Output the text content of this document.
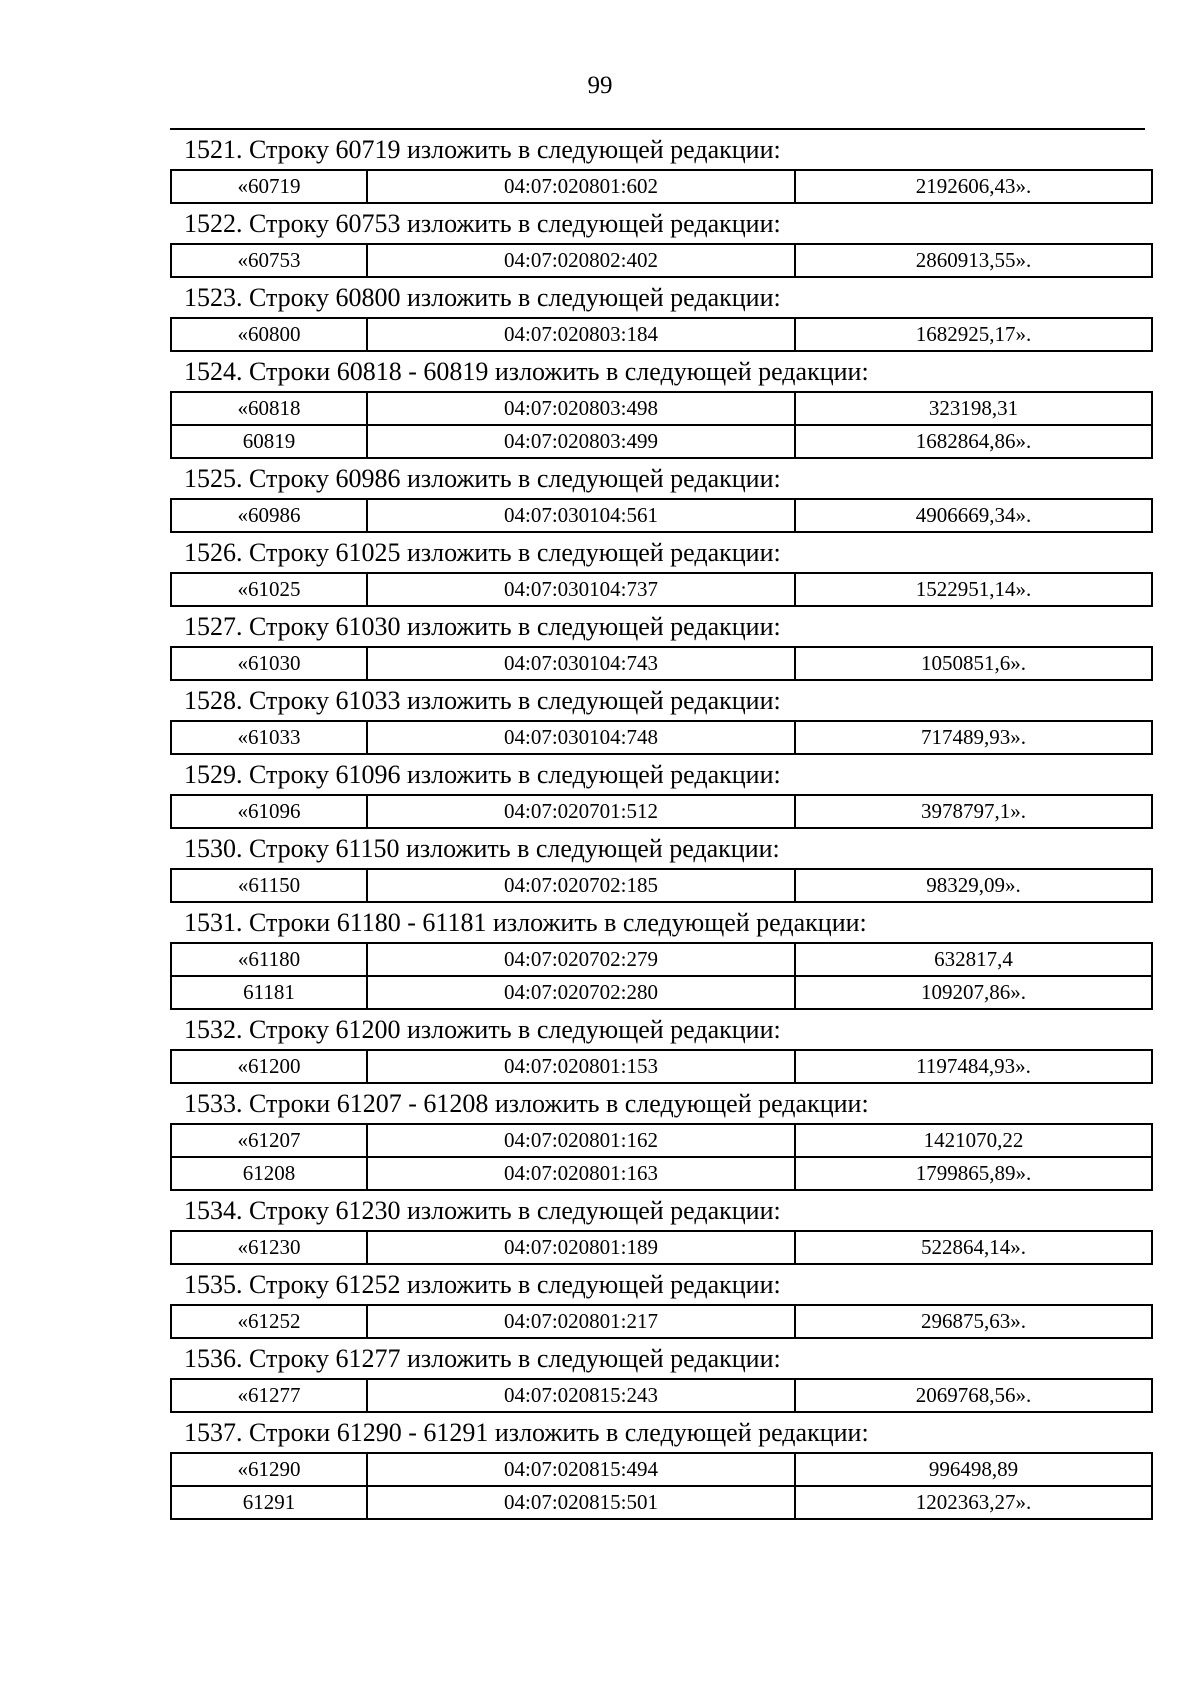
99
1521. Строку 60719 изложить в следующей редакции:
«60719	04:07:020801:602	2192606,43».
1522. Строку 60753 изложить в следующей редакции:
«60753	04:07:020802:402	2860913,55».
1523. Строку 60800 изложить в следующей редакции:
«60800	04:07:020803:184	1682925,17».
1524. Строки 60818 - 60819 изложить в следующей редакции:
«60818	04:07:020803:498	323198,31
60819	04:07:020803:499	1682864,86».
1525. Строку 60986 изложить в следующей редакции:
«60986	04:07:030104:561	4906669,34».
1526. Строку 61025 изложить в следующей редакции:
«61025	04:07:030104:737	1522951,14».
1527. Строку 61030 изложить в следующей редакции:
«61030	04:07:030104:743	1050851,6».
1528. Строку 61033 изложить в следующей редакции:
«61033	04:07:030104:748	717489,93».
1529. Строку 61096 изложить в следующей редакции:
«61096	04:07:020701:512	3978797,1».
1530. Строку 61150 изложить в следующей редакции:
«61150	04:07:020702:185	98329,09».
1531. Строки 61180 - 61181 изложить в следующей редакции:
«61180	04:07:020702:279	632817,4
61181	04:07:020702:280	109207,86».
1532. Строку 61200 изложить в следующей редакции:
«61200	04:07:020801:153	1197484,93».
1533. Строки 61207 - 61208 изложить в следующей редакции:
«61207	04:07:020801:162	1421070,22
61208	04:07:020801:163	1799865,89».
1534. Строку 61230 изложить в следующей редакции:
«61230	04:07:020801:189	522864,14».
1535. Строку 61252 изложить в следующей редакции:
«61252	04:07:020801:217	296875,63».
1536. Строку 61277 изложить в следующей редакции:
«61277	04:07:020815:243	2069768,56».
1537. Строки 61290 - 61291 изложить в следующей редакции:
«61290	04:07:020815:494	996498,89
61291	04:07:020815:501	1202363,27».
